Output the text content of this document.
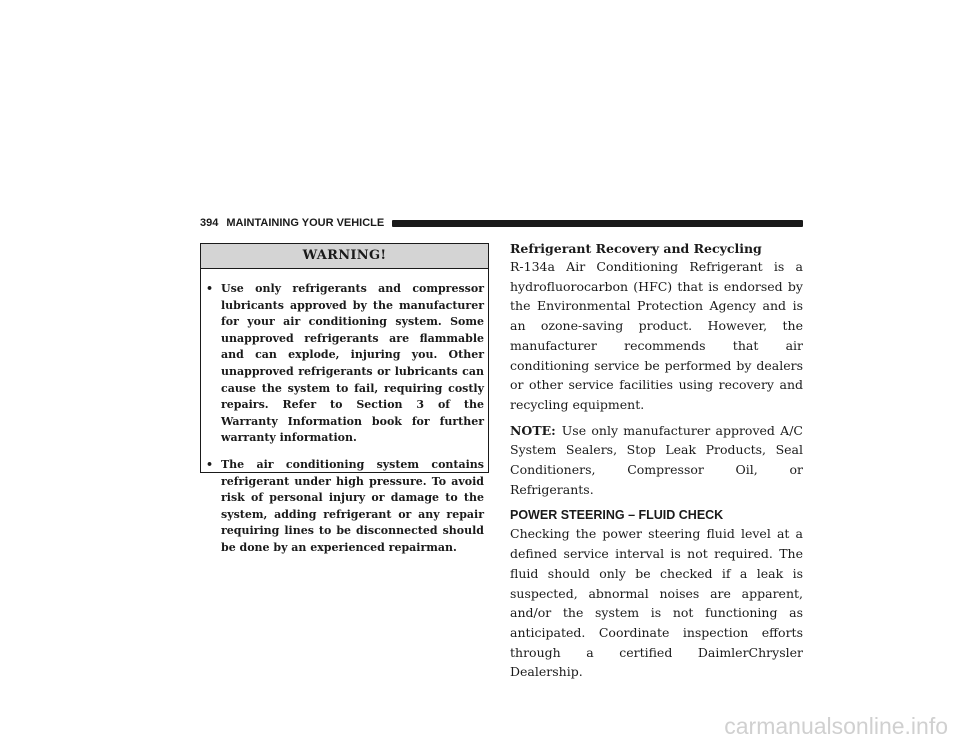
394 MAINTAINING YOUR VEHICLE
WARNING!
• Use only refrigerants and compressor lubricants approved by the manufacturer for your air conditioning system. Some unapproved refrigerants are flammable and can explode, injuring you. Other unapproved refrigerants or lubricants can cause the system to fail, requiring costly repairs. Refer to Section 3 of the Warranty Information book for further warranty information.
• The air conditioning system contains refrigerant under high pressure. To avoid risk of personal injury or damage to the system, adding refrigerant or any repair requiring lines to be disconnected should be done by an experienced repairman.
Refrigerant Recovery and Recycling

R-134a Air Conditioning Refrigerant is a hydrofluorocarbon (HFC) that is endorsed by the Environmental Protection Agency and is an ozone-saving product. However, the manufacturer recommends that air conditioning service be performed by dealers or other service facilities using recovery and recycling equipment.

NOTE: Use only manufacturer approved A/C System Sealers, Stop Leak Products, Seal Conditioners, Compressor Oil, or Refrigerants.

POWER STEERING – FLUID CHECK

Checking the power steering fluid level at a defined service interval is not required. The fluid should only be checked if a leak is suspected, abnormal noises are apparent, and/or the system is not functioning as anticipated. Coordinate inspection efforts through a certified DaimlerChrysler Dealership.

carmanualsonline.info
